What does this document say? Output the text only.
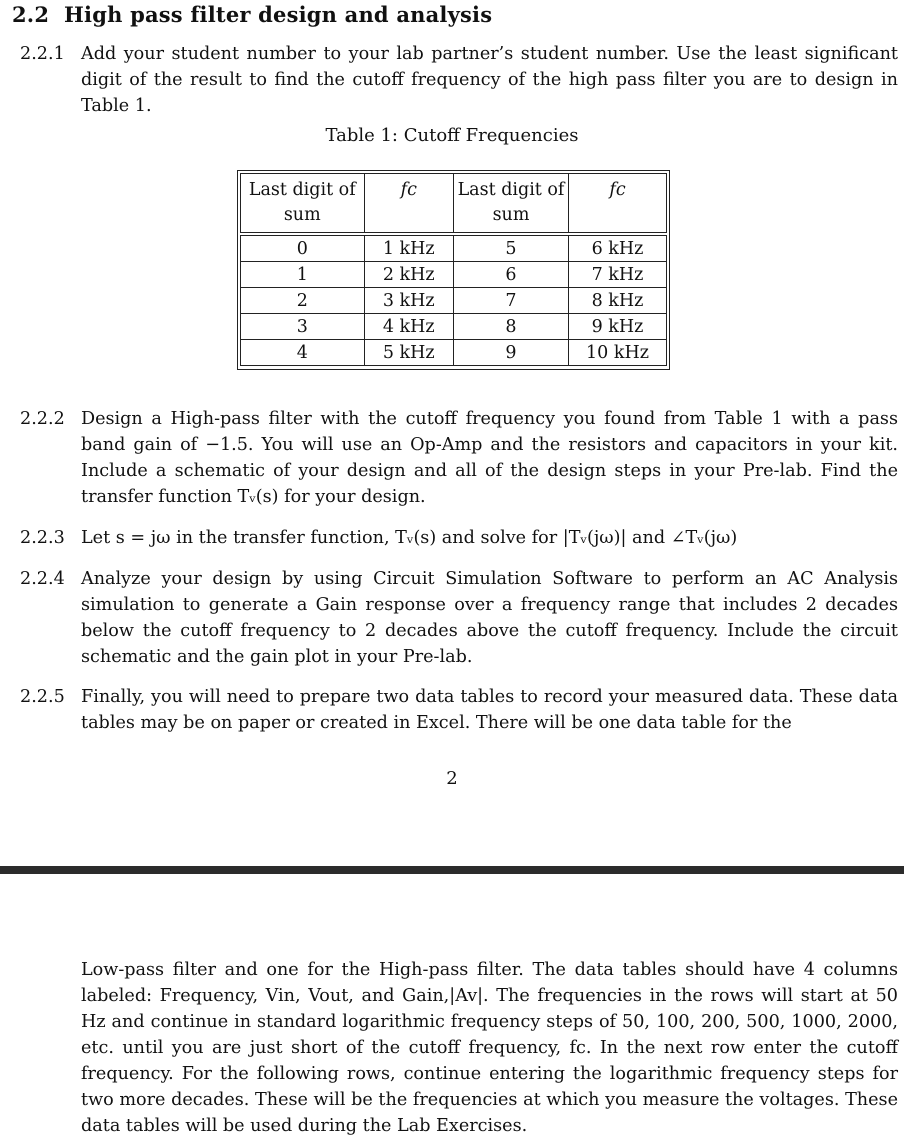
2.2 High pass filter design and analysis
2.2.1 Add your student number to your lab partner’s student number. Use the least significant digit of the result to find the cutoff frequency of the high pass filter you are to design in Table 1.
Table 1: Cutoff Frequencies
Last digit of sum	fc	Last digit of sum	fc
0	1 kHz	5	6 kHz
1	2 kHz	6	7 kHz
2	3 kHz	7	8 kHz
3	4 kHz	8	9 kHz
4	5 kHz	9	10 kHz
2.2.2 Design a High-pass filter with the cutoff frequency you found from Table 1 with a pass band gain of −1.5. You will use an Op-Amp and the resistors and capacitors in your kit. Include a schematic of your design and all of the design steps in your Pre-lab. Find the transfer function Tᵥ(s) for your design.
2.2.3 Let s = jω in the transfer function, Tᵥ(s) and solve for |Tᵥ(jω)| and ∠Tᵥ(jω)
2.2.4 Analyze your design by using Circuit Simulation Software to perform an AC Analysis simulation to generate a Gain response over a frequency range that includes 2 decades below the cutoff frequency to 2 decades above the cutoff frequency. Include the circuit schematic and the gain plot in your Pre-lab.
2.2.5 Finally, you will need to prepare two data tables to record your measured data. These data tables may be on paper or created in Excel. There will be one data table for the
2
Low-pass filter and one for the High-pass filter. The data tables should have 4 columns labeled: Frequency, Vin, Vout, and Gain,|Av|. The frequencies in the rows will start at 50 Hz and continue in standard logarithmic frequency steps of 50, 100, 200, 500, 1000, 2000, etc. until you are just short of the cutoff frequency, fc. In the next row enter the cutoff frequency. For the following rows, continue entering the logarithmic frequency steps for two more decades. These will be the frequencies at which you measure the voltages. These data tables will be used during the Lab Exercises.
